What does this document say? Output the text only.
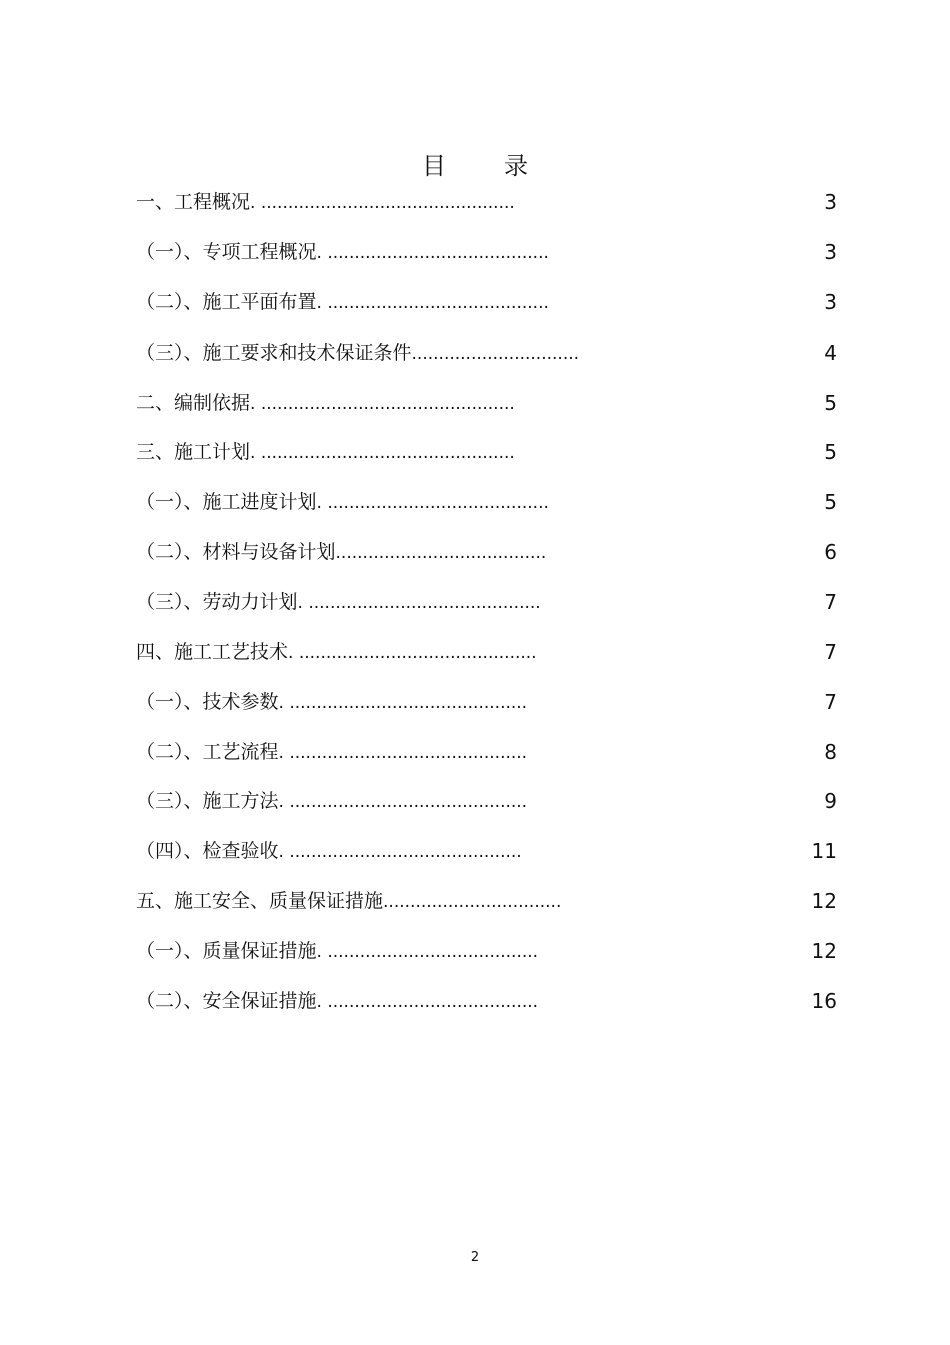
目 录
一、工程概况. ...............................................	3
（一）、专项工程概况. .........................................	3
（二）、施工平面布置. .........................................	3
（三）、施工要求和技术保证条件...............................	4
二、编制依据. ...............................................	5
三、施工计划. ...............................................	5
（一）、施工进度计划. .........................................	5
（二）、材料与设备计划.......................................	6
（三）、劳动力计划. ...........................................	7
四、施工工艺技术. ............................................	7
（一）、技术参数. ............................................	7
（二）、工艺流程. ............................................	8
（三）、施工方法. ............................................	9
（四）、检查验收. ...........................................	11
五、施工安全、质量保证措施.................................	12
（一）、质量保证措施. .......................................	12
（二）、安全保证措施. .......................................	16
2
